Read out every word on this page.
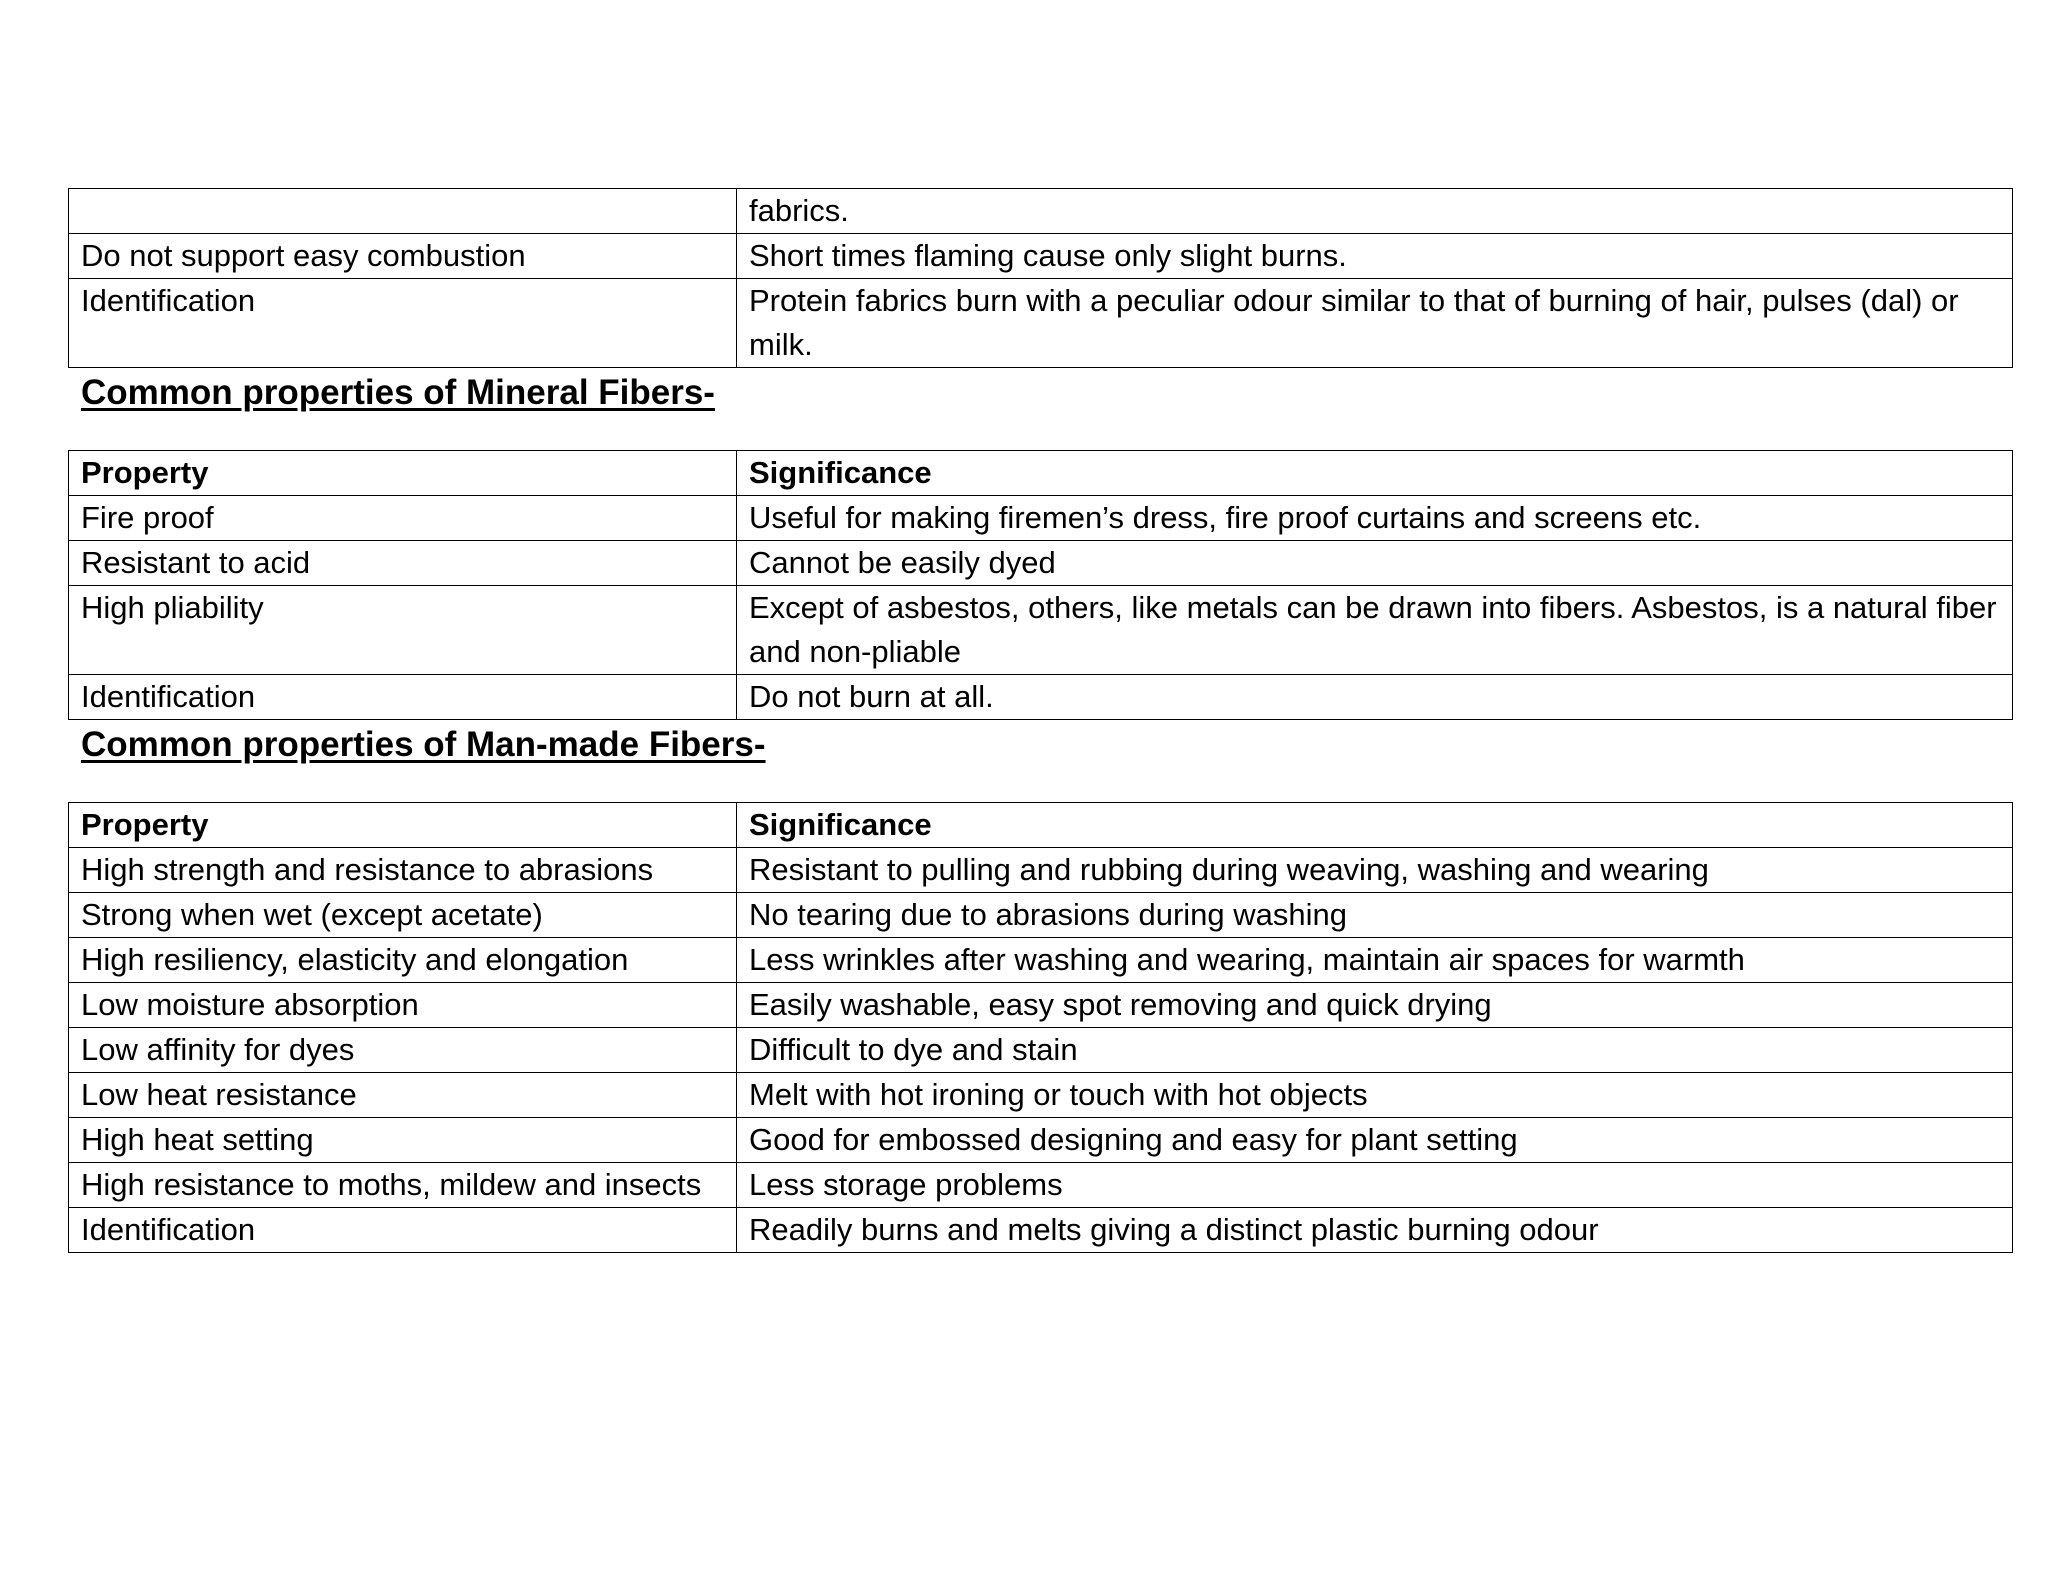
	fabrics.
Do not support easy combustion	Short times flaming cause only slight burns.
Identification	Protein fabrics burn with a peculiar odour similar to that of burning of hair, pulses (dal) or milk.
Common properties of Mineral Fibers-
Property	Significance
Fire proof	Useful for making firemen’s dress, fire proof curtains and screens etc.
Resistant to acid	Cannot be easily dyed
High pliability	Except of asbestos, others, like metals can be drawn into fibers. Asbestos, is a natural fiber and non-pliable
Identification	Do not burn at all.
Common properties of Man-made Fibers-
Property	Significance
High strength and resistance to abrasions	Resistant to pulling and rubbing during weaving, washing and wearing
Strong when wet (except acetate)	No tearing due to abrasions during washing
High resiliency, elasticity and elongation	Less wrinkles after washing and wearing, maintain air spaces for warmth
Low moisture absorption	Easily washable, easy spot removing and quick drying
Low affinity for dyes	Difficult to dye and stain
Low heat resistance	Melt with hot ironing or touch with hot objects
High heat setting	Good for embossed designing and easy for plant setting
High resistance to moths, mildew and insects	Less storage problems
Identification	Readily burns and melts giving a distinct plastic burning odour
